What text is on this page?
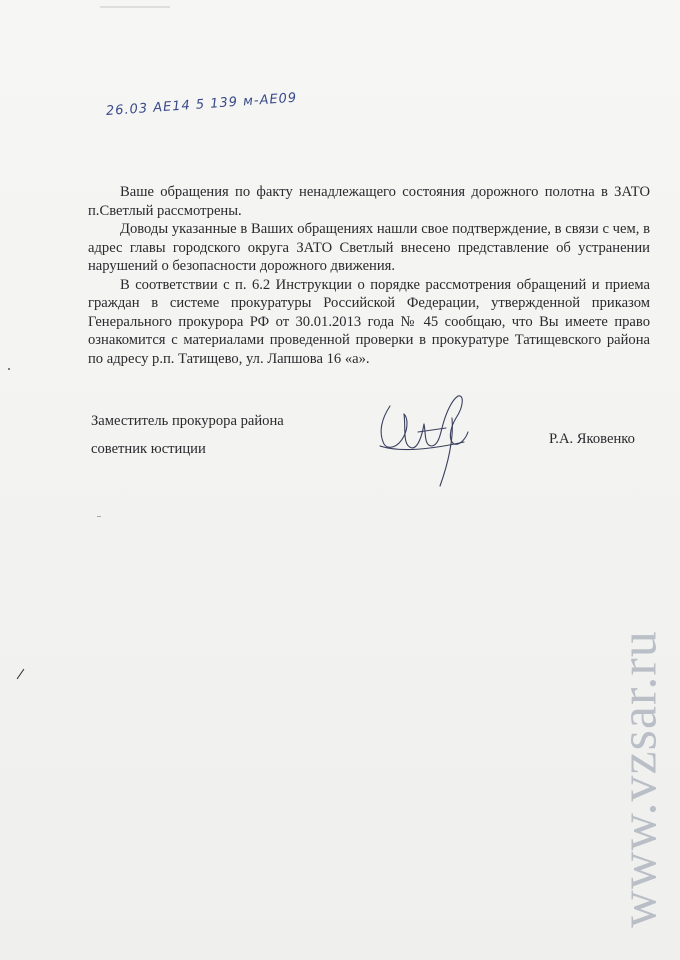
26.03 АЕ14 5 139 м-АЕ09

Ваше обращения по факту ненадлежащего состояния дорожного полотна в ЗАТО п.Светлый рассмотрены.

Доводы указанные в Ваших обращениях нашли свое подтверждение, в связи с чем, в адрес главы городского округа ЗАТО Светлый внесено представление об устранении нарушений о безопасности дорожного движения.

В соответствии с п. 6.2 Инструкции о порядке рассмотрения обращений и приема граждан в системе прокуратуры Российской Федерации, утвержденной приказом Генерального прокурора РФ от 30.01.2013 года № 45 сообщаю, что Вы имеете право ознакомится с материалами проведенной проверки в прокуратуре Татищевского района по адресу р.п. Татищево, ул. Лапшова 16 «а».

Заместитель прокурора района
советник юстиции
Р.А. Яковенко
www.vzsar.ru
